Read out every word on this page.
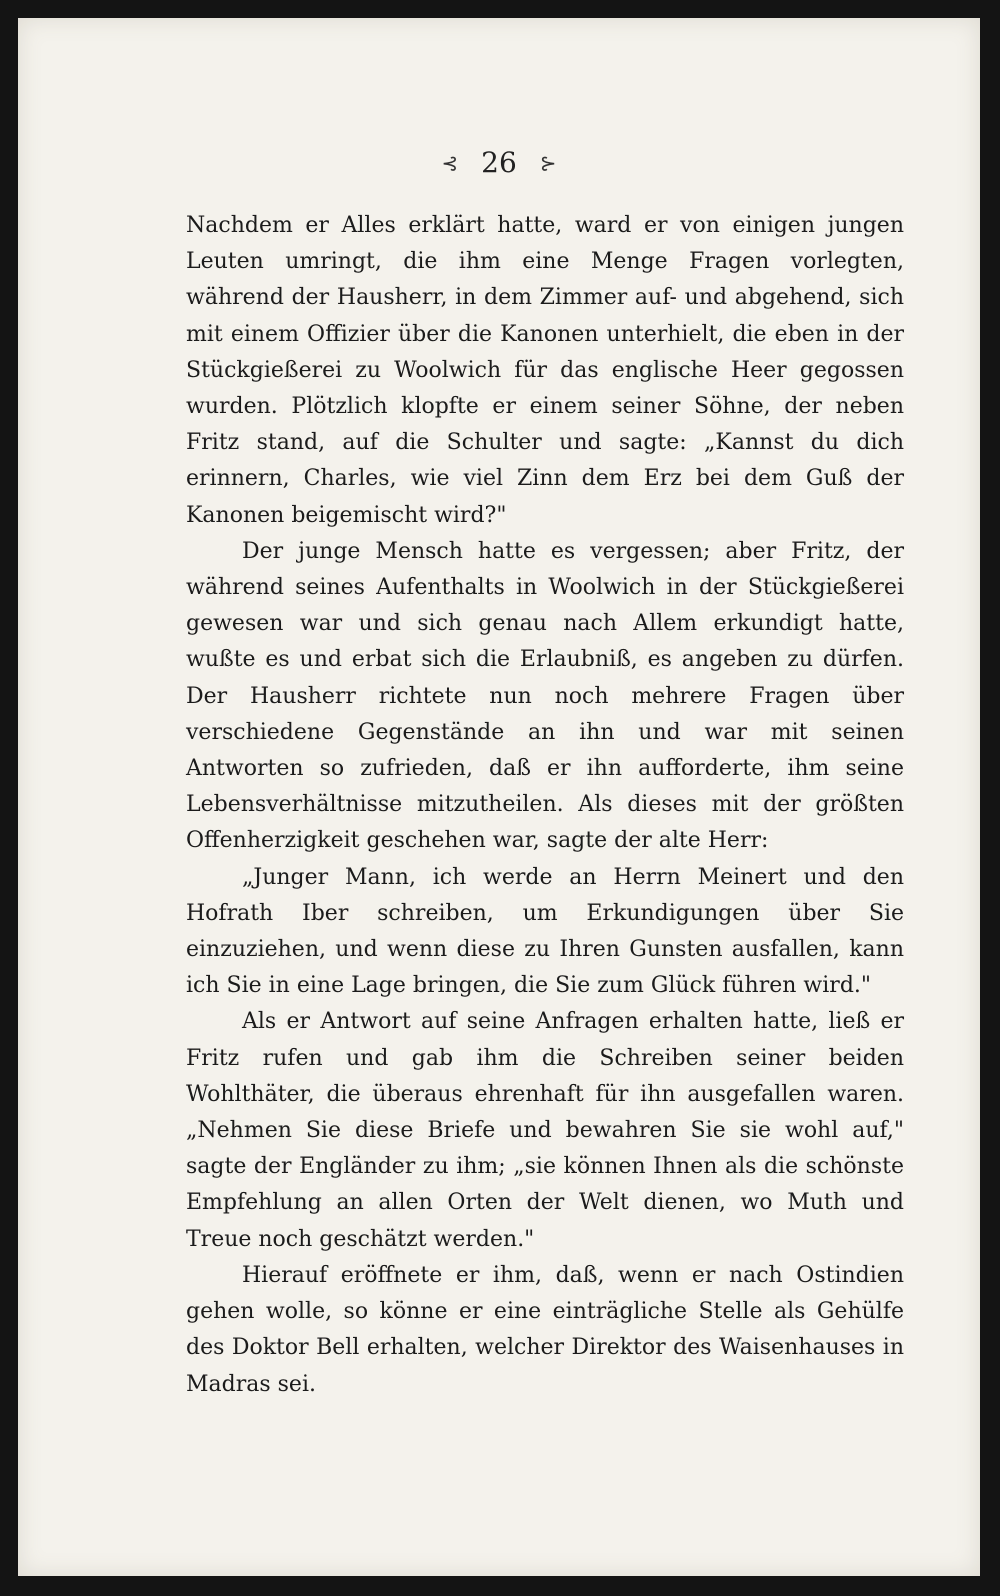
⊰ 26 ⊱

Nachdem er Alles erklärt hatte, ward er von einigen jungen Leuten umringt, die ihm eine Menge Fragen vorlegten, während der Hausherr, in dem Zimmer auf- und abgehend, sich mit einem Offizier über die Kanonen unterhielt, die eben in der Stückgießerei zu Woolwich für das englische Heer gegossen wurden. Plötzlich klopfte er einem seiner Söhne, der neben Fritz stand, auf die Schulter und sagte: „Kannst du dich erinnern, Charles, wie viel Zinn dem Erz bei dem Guß der Kanonen beigemischt wird?"

Der junge Mensch hatte es vergessen; aber Fritz, der während seines Aufenthalts in Woolwich in der Stückgießerei gewesen war und sich genau nach Allem erkundigt hatte, wußte es und erbat sich die Erlaubniß, es angeben zu dürfen. Der Hausherr richtete nun noch mehrere Fragen über verschiedene Gegenstände an ihn und war mit seinen Antworten so zufrieden, daß er ihn aufforderte, ihm seine Lebensverhältnisse mitzutheilen. Als dieses mit der größten Offenherzigkeit geschehen war, sagte der alte Herr:

„Junger Mann, ich werde an Herrn Meinert und den Hofrath Iber schreiben, um Erkundigungen über Sie einzuziehen, und wenn diese zu Ihren Gunsten ausfallen, kann ich Sie in eine Lage bringen, die Sie zum Glück führen wird."

Als er Antwort auf seine Anfragen erhalten hatte, ließ er Fritz rufen und gab ihm die Schreiben seiner beiden Wohlthäter, die überaus ehrenhaft für ihn ausgefallen waren. „Nehmen Sie diese Briefe und bewahren Sie sie wohl auf," sagte der Engländer zu ihm; „sie können Ihnen als die schönste Empfehlung an allen Orten der Welt dienen, wo Muth und Treue noch geschätzt werden."

Hierauf eröffnete er ihm, daß, wenn er nach Ostindien gehen wolle, so könne er eine einträgliche Stelle als Gehülfe des Doktor Bell erhalten, welcher Direktor des Waisenhauses in Madras sei.
